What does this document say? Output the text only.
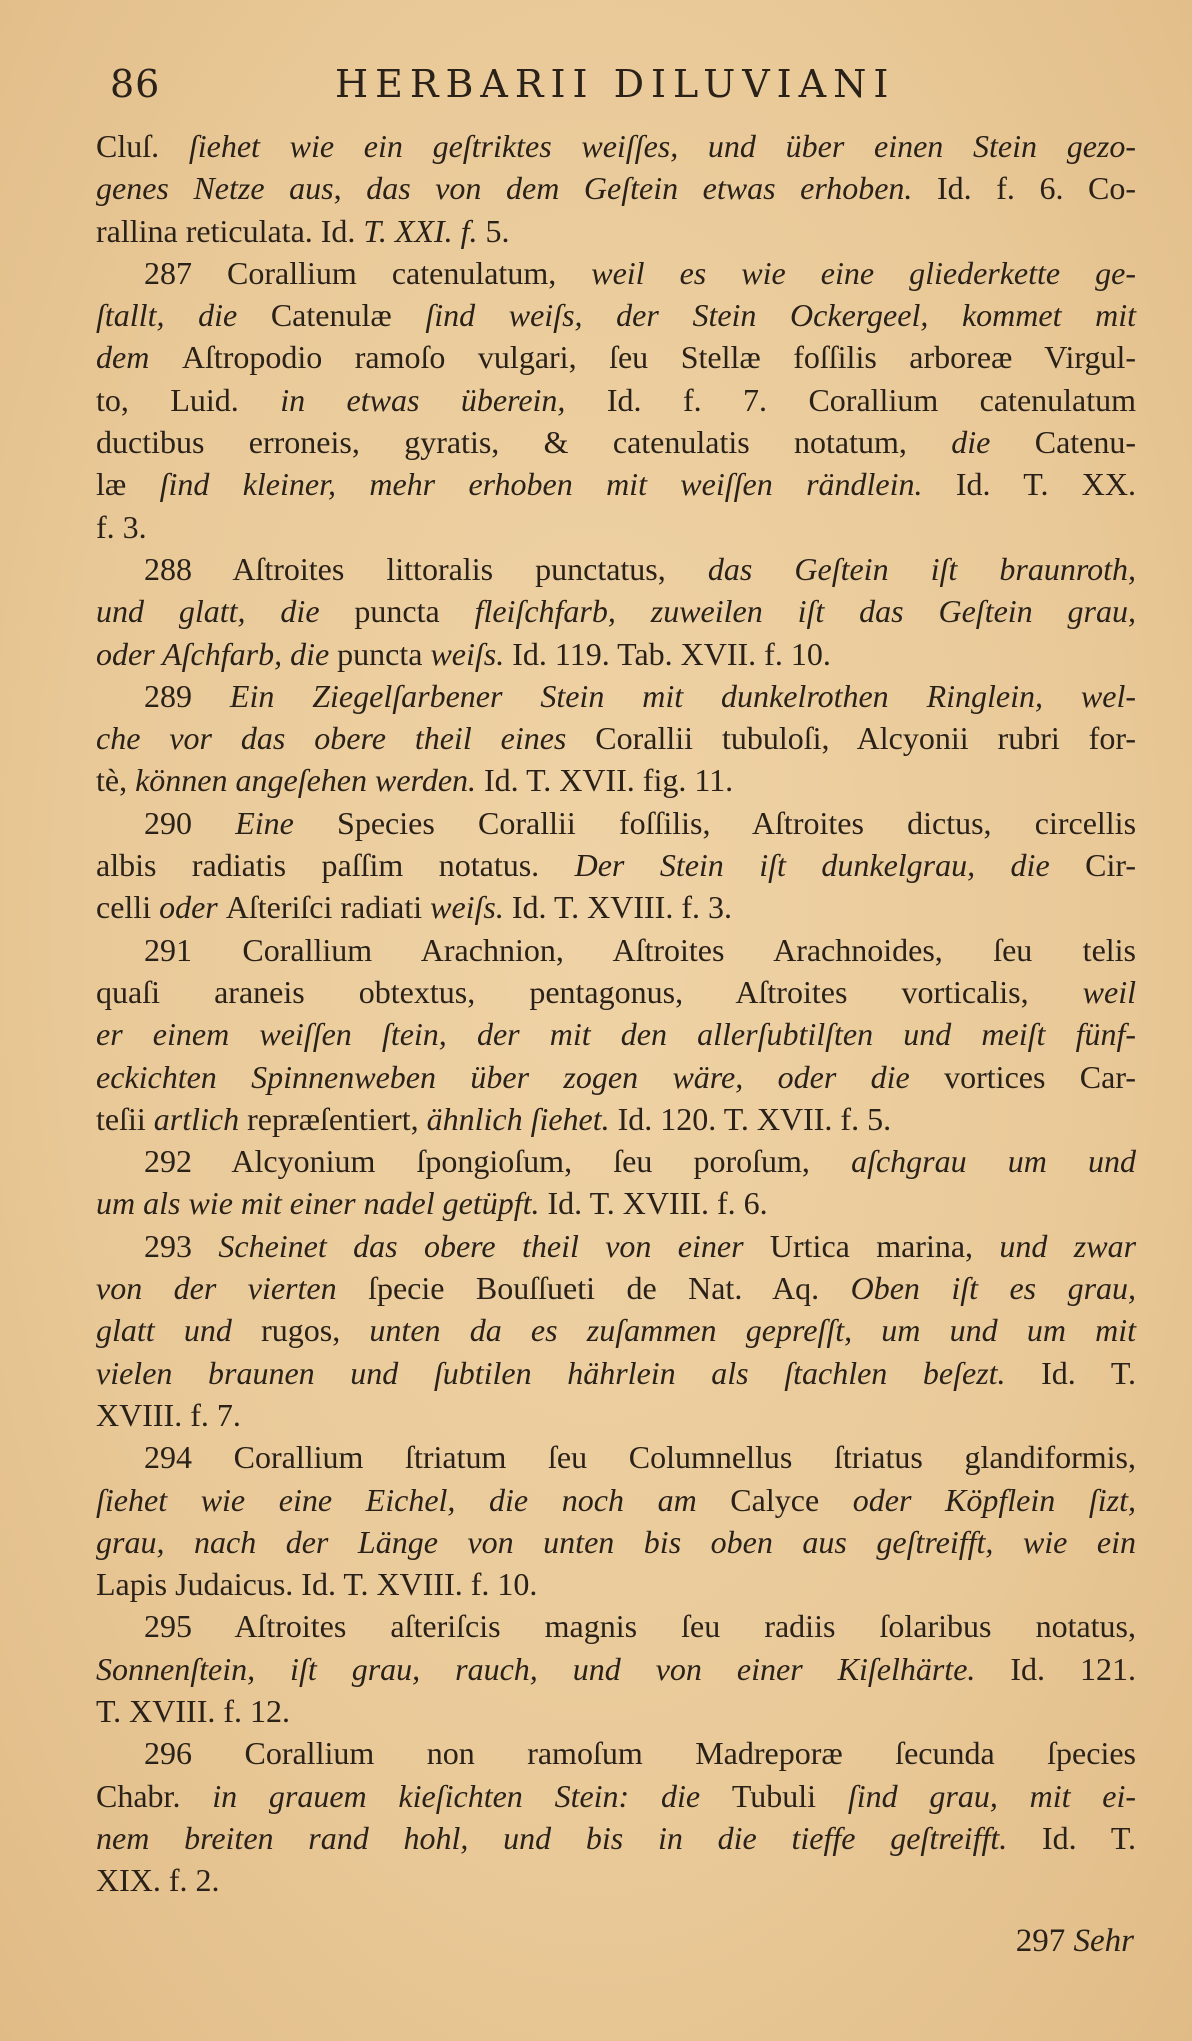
86	HERBARII DILUVIANI
Cluſ. ſiehet wie ein geſtriktes weiſſes, und über einen Stein gezo-
genes Netze aus, das von dem Geſtein etwas erhoben. Id. f. 6. Co-
rallina reticulata. Id. T. XXI. f. 5.
287 Corallium catenulatum, weil es wie eine gliederkette ge-
ſtallt, die Catenulæ ſind weiſs, der Stein Ockergeel, kommet mit
dem Aſtropodio ramoſo vulgari, ſeu Stellæ foſſilis arboreæ Virgul-
to, Luid. in etwas überein, Id. f. 7. Corallium catenulatum
ductibus erroneis, gyratis, & catenulatis notatum, die Catenu-
læ ſind kleiner, mehr erhoben mit weiſſen rändlein. Id. T. XX.
f. 3.
288 Aſtroites littoralis punctatus, das Geſtein iſt braunroth,
und glatt, die puncta fleiſchfarb, zuweilen iſt das Geſtein grau,
oder Aſchfarb, die puncta weiſs. Id. 119. Tab. XVII. f. 10.
289 Ein Ziegelſarbener Stein mit dunkelrothen Ringlein, wel-
che vor das obere theil eines Corallii tubuloſi, Alcyonii rubri for-
tè, können angeſehen werden. Id. T. XVII. fig. 11.
290 Eine Species Corallii foſſilis, Aſtroites dictus, circellis
albis radiatis paſſim notatus. Der Stein iſt dunkelgrau, die Cir-
celli oder Aſteriſci radiati weiſs. Id. T. XVIII. f. 3.
291 Corallium Arachnion, Aſtroites Arachnoides, ſeu telis
quaſi araneis obtextus, pentagonus, Aſtroites vorticalis, weil
er einem weiſſen ſtein, der mit den allerſubtilſten und meiſt fünf-
eckichten Spinnenweben über zogen wäre, oder die vortices Car-
teſii artlich repræſentiert, ähnlich ſiehet. Id. 120. T. XVII. f. 5.
292 Alcyonium ſpongioſum, ſeu poroſum, aſchgrau um und
um als wie mit einer nadel getüpft. Id. T. XVIII. f. 6.
293 Scheinet das obere theil von einer Urtica marina, und zwar
von der vierten ſpecie Bouſſueti de Nat. Aq. Oben iſt es grau,
glatt und rugos, unten da es zuſammen gepreſſt, um und um mit
vielen braunen und ſubtilen hährlein als ſtachlen beſezt. Id. T.
XVIII. f. 7.
294 Corallium ſtriatum ſeu Columnellus ſtriatus glandiformis,
ſiehet wie eine Eichel, die noch am Calyce oder Köpflein ſizt,
grau, nach der Länge von unten bis oben aus geſtreifft, wie ein
Lapis Judaicus. Id. T. XVIII. f. 10.
295 Aſtroites aſteriſcis magnis ſeu radiis ſolaribus notatus,
Sonnenſtein, iſt grau, rauch, und von einer Kiſelhärte. Id. 121.
T. XVIII. f. 12.
296 Corallium non ramoſum Madreporæ ſecunda ſpecies
Chabr. in grauem kieſichten Stein: die Tubuli ſind grau, mit ei-
nem breiten rand hohl, und bis in die tieffe geſtreifft. Id. T.
XIX. f. 2.
297 Sehr
